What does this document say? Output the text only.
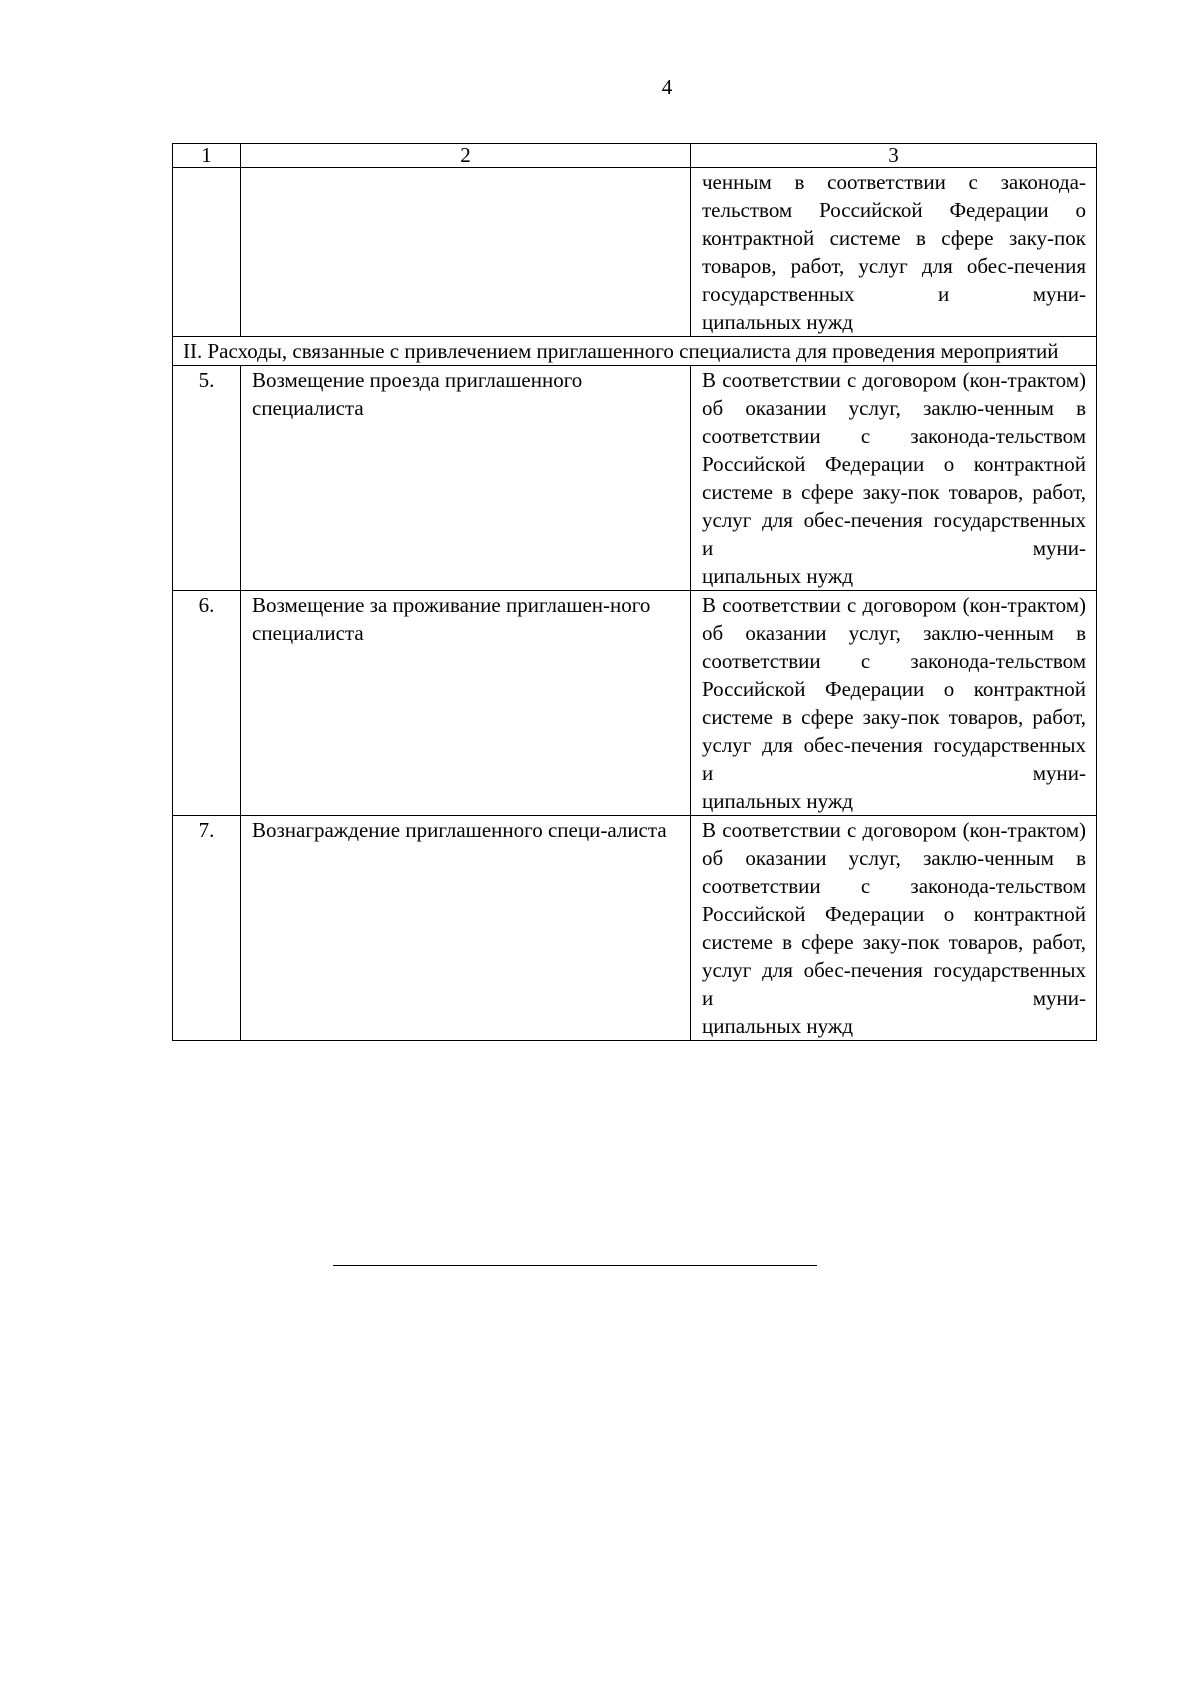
4
1	2	3
		ченным в соответствии с законода-тельством Российской Федерации о контрактной системе в сфере заку-пок товаров, работ, услуг для обес-печения государственных и муни-
ципальных нужд

II. Расходы, связанные с привлечением приглашенного специалиста для проведения мероприятий		
5.	Возмещение проезда приглашенного специалиста	В соответствии с договором (кон-трактом) об оказании услуг, заклю-ченным в соответствии с законода-тельством Российской Федерации о контрактной системе в сфере заку-пок товаров, работ, услуг для обес-печения государственных и муни-
ципальных нужд

6.	Возмещение за проживание приглашен-ного специалиста	В соответствии с договором (кон-трактом) об оказании услуг, заклю-ченным в соответствии с законода-тельством Российской Федерации о контрактной системе в сфере заку-пок товаров, работ, услуг для обес-печения государственных и муни-
ципальных нужд

7.	Вознаграждение приглашенного специ-алиста	В соответствии с договором (кон-трактом) об оказании услуг, заклю-ченным в соответствии с законода-тельством Российской Федерации о контрактной системе в сфере заку-пок товаров, работ, услуг для обес-печения государственных и муни-
ципальных нужд
